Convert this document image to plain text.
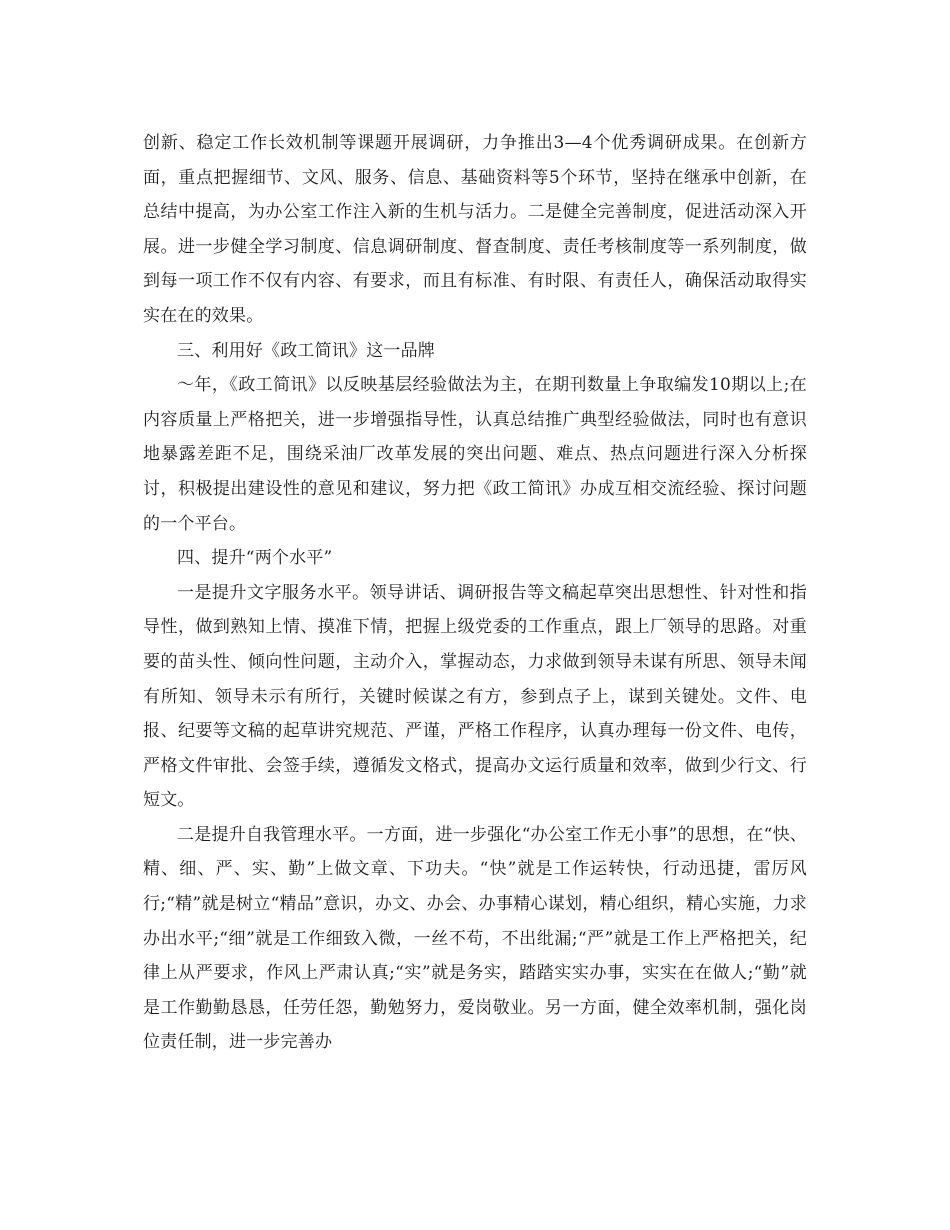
创新、稳定工作长效机制等课题开展调研，力争推出3—4个优秀调研成果。在创新方面，重点把握细节、文风、服务、信息、基础资料等5个环节，坚持在继承中创新，在总结中提高，为办公室工作注入新的生机与活力。二是健全完善制度，促进活动深入开展。进一步健全学习制度、信息调研制度、督查制度、责任考核制度等一系列制度，做到每一项工作不仅有内容、有要求，而且有标准、有时限、有责任人，确保活动取得实实在在的效果。

三、利用好《政工简讯》这一品牌

～年，《政工简讯》以反映基层经验做法为主，在期刊数量上争取编发10期以上;在内容质量上严格把关，进一步增强指导性，认真总结推广典型经验做法，同时也有意识地暴露差距不足，围绕采油厂改革发展的突出问题、难点、热点问题进行深入分析探讨，积极提出建设性的意见和建议，努力把《政工简讯》办成互相交流经验、探讨问题的一个平台。

四、提升“两个水平”

一是提升文字服务水平。领导讲话、调研报告等文稿起草突出思想性、针对性和指导性，做到熟知上情、摸准下情，把握上级党委的工作重点，跟上厂领导的思路。对重要的苗头性、倾向性问题，主动介入，掌握动态，力求做到领导未谋有所思、领导未闻有所知、领导未示有所行，关键时候谋之有方，参到点子上，谋到关键处。文件、电报、纪要等文稿的起草讲究规范、严谨，严格工作程序，认真办理每一份文件、电传，严格文件审批、会签手续，遵循发文格式，提高办文运行质量和效率，做到少行文、行短文。

二是提升自我管理水平。一方面，进一步强化“办公室工作无小事”的思想，在“快、精、细、严、实、勤”上做文章、下功夫。“快”就是工作运转快，行动迅捷，雷厉风行;“精”就是树立“精品”意识，办文、办会、办事精心谋划，精心组织，精心实施，力求办出水平;“细”就是工作细致入微，一丝不苟，不出纰漏;“严”就是工作上严格把关，纪律上从严要求，作风上严肃认真;“实”就是务实，踏踏实实办事，实实在在做人;“勤”就是工作勤勤恳恳，任劳任怨，勤勉努力，爱岗敬业。另一方面，健全效率机制，强化岗位责任制，进一步完善办
